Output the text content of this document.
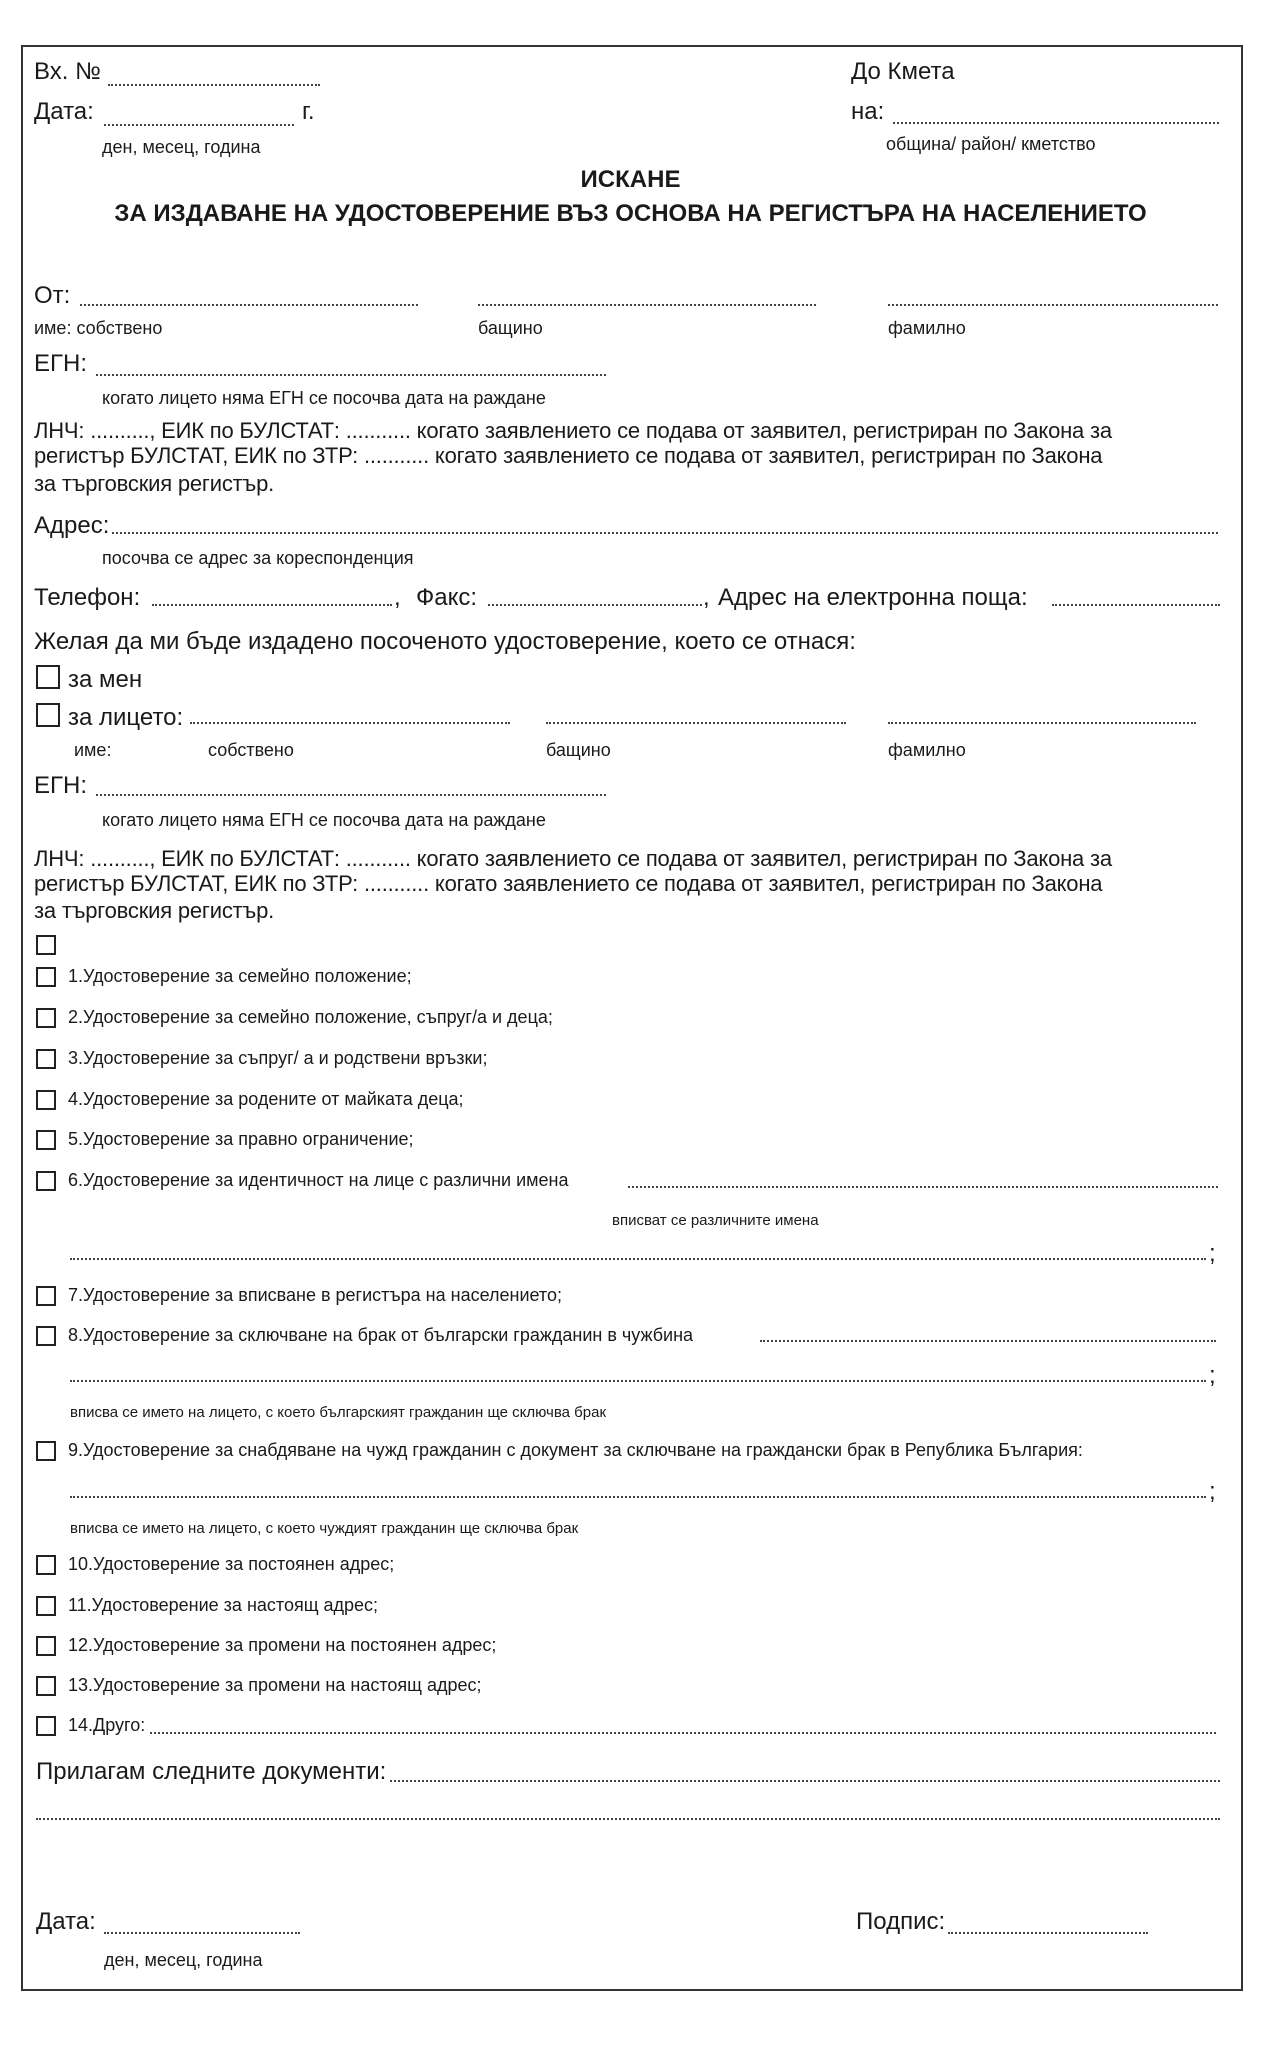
Вх. №
Дата:	г.
ден, месец, година
До Кмета
на:
община/ район/ кметство
ИСКАНЕ
ЗА ИЗДАВАНЕ НА УДОСТОВЕРЕНИЕ ВЪЗ ОСНОВА НА РЕГИСТЪРА НА НАСЕЛЕНИЕТО
От:
име: собствено	бащино	фамилно
ЕГН:
когато лицето няма ЕГН се посочва дата на раждане
ЛНЧ: .........., ЕИК по БУЛСТАТ: ........... когато заявлението се подава от заявител, регистриран по Закона за
регистър БУЛСТАТ, ЕИК по ЗТР: ........... когато заявлението се подава от заявител, регистриран по Закона
за търговския регистър.
Адрес:
посочва се адрес за кореспонденция
Телефон:	, Факс:	, Адрес на електронна поща:
Желая да ми бъде издадено посоченото удостоверение, което се отнася:
за мен
за лицето:
име:	собствено	бащино	фамилно
ЕГН:
когато лицето няма ЕГН се посочва дата на раждане
ЛНЧ: .........., ЕИК по БУЛСТАТ: ........... когато заявлението се подава от заявител, регистриран по Закона за
регистър БУЛСТАТ, ЕИК по ЗТР: ........... когато заявлението се подава от заявител, регистриран по Закона
за търговския регистър.
1.Удостоверение за семейно положение;
2.Удостоверение за семейно положение, съпруг/а и деца;
3.Удостоверение за съпруг/ а и родствени връзки;
4.Удостоверение за родените от майката деца;
5.Удостоверение за правно ограничение;
6.Удостоверение за идентичност на лице с различни имена
вписват се различните имена
;
7.Удостоверение за вписване в регистъра на населението;
8.Удостоверение за сключване на брак от български гражданин в чужбина
;
вписва се името на лицето, с което българският гражданин ще сключва брак
9.Удостоверение за снабдяване на чужд гражданин с документ за сключване на граждански брак в Република България:
;
вписва се името на лицето, с което чуждият гражданин ще сключва брак
10.Удостоверение за постоянен адрес;
11.Удостоверение за настоящ адрес;
12.Удостоверение за промени на постоянен адрес;
13.Удостоверение за промени на настоящ адрес;
14.Друго:
Прилагам следните документи:
Дата:
ден, месец, година
Подпис:
